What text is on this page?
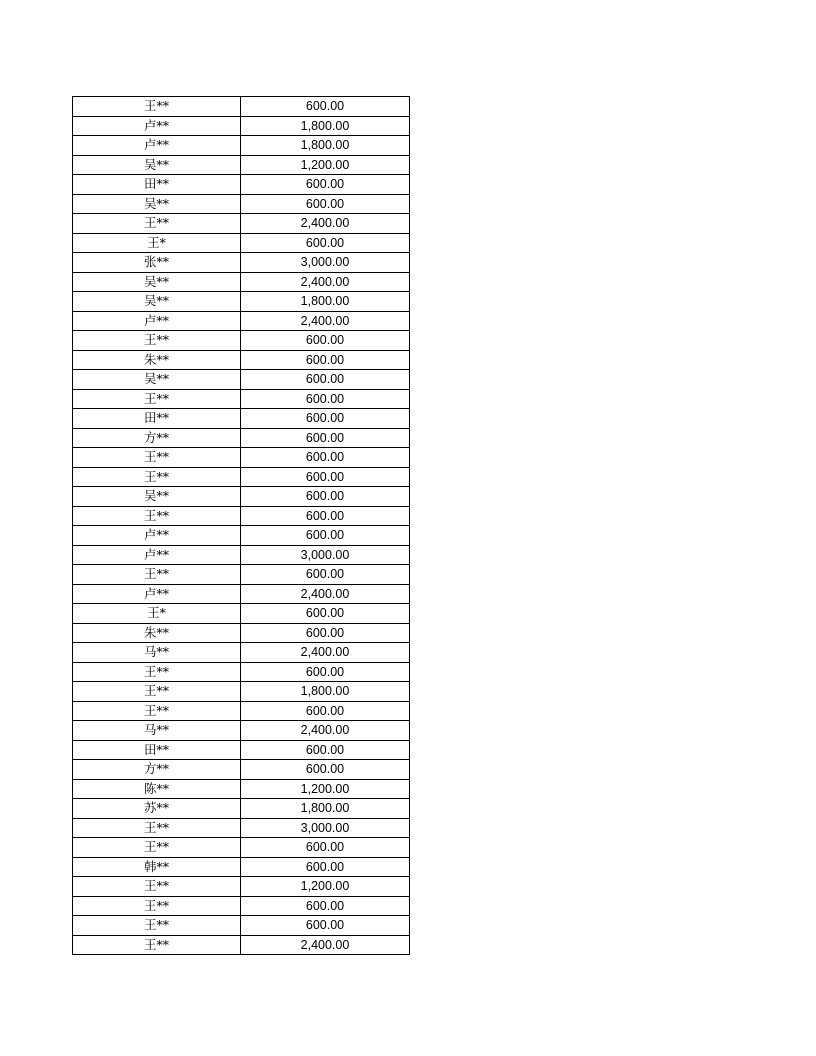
王**	600.00
卢**	1,800.00
卢**	1,800.00
吴**	1,200.00
田**	600.00
吴**	600.00
王**	2,400.00
王*	600.00
张**	3,000.00
吴**	2,400.00
吴**	1,800.00
卢**	2,400.00
王**	600.00
朱**	600.00
吴**	600.00
王**	600.00
田**	600.00
方**	600.00
王**	600.00
王**	600.00
吴**	600.00
王**	600.00
卢**	600.00
卢**	3,000.00
王**	600.00
卢**	2,400.00
王*	600.00
朱**	600.00
马**	2,400.00
王**	600.00
王**	1,800.00
王**	600.00
马**	2,400.00
田**	600.00
方**	600.00
陈**	1,200.00
苏**	1,800.00
王**	3,000.00
王**	600.00
韩**	600.00
王**	1,200.00
王**	600.00
王**	600.00
王**	2,400.00
